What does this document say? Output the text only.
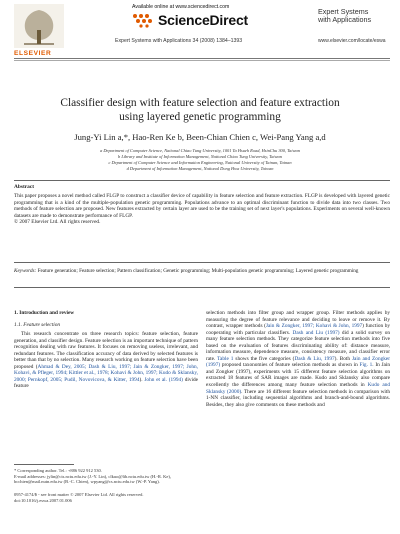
ELSEVIER
Available online at www.sciencedirect.com
ScienceDirect
Expert Systems with Applications 34 (2008) 1384–1393
Expert Systems
with Applications
www.elsevier.com/locate/eswa
Classifier design with feature selection and feature extraction
using layered genetic programming
Jung-Yi Lin a,*, Hao-Ren Ke b, Been-Chian Chien c, Wei-Pang Yang a,d
a Department of Computer Science, National Chiao Tung University, 1001 Ta Hsueh Road, HsinChu 300, Taiwan
b Library and Institute of Information Management, National Chiao Tung University, Taiwan
c Department of Computer Science and Information Engineering, National University of Tainan, Tainan
d Department of Information Management, National Dong Hwa University, Taiwan
Abstract
This paper proposes a novel method called FLGP to construct a classifier device of capability in feature selection and feature extraction. FLGP is developed with layered genetic programming that is a kind of the multiple-population genetic programming. Populations advance to an optimal discriminant function to divide data into two classes. Two methods of feature selection are proposed. New features extracted by certain layer are used to be the training set of next layer's populations. Experiments on several well-known datasets are made to demonstrate performance of FLGP.
© 2007 Elsevier Ltd. All rights reserved.
Keywords: Feature generation; Feature selection; Pattern classification; Genetic programming; Multi-population genetic programming; Layered genetic programming
1. Introduction and review
1.1. Feature selection
This research concentrate on three research topics: feature selection, feature generation, and classifier design. Feature selection is an important technique of pattern recognition dealing with raw features. It focuses on removing useless, irrelevant, and redundant features. The classification accuracy of data derived by selected features is better than that by no selection. Many research working on feature selection have been proposed (Ahmad & Dey, 2005; Dash & Liu, 1997; Jain & Zongker, 1997; John, Kohavi, & Pfleger, 1994; Kittler et al., 1978; Kohavi & John, 1997; Kudo & Sklansky, 2000; Pernkopf, 2005; Pudil, Novovicova, & Kitter, 1994). John et al. (1994) divide feature
selection methods into filter group and wrapper group. Filter methods applies by measuring the degree of feature relevance and deciding to leave or remove it. By contrast, wrapper methods (Jain & Zongker, 1997; Kohavi & John, 1997) function by cooperating with particular classifiers. Dash and Liu (1997) did a solid survey on many feature selection methods. They categorize feature selection methods into five based on the evaluation of features discriminating ability of: distance measure, information measure, dependence measure, consistency measure, and classifier error rate. Table 1 shows the five categories (Dash & Liu, 1997). Both Jain and Zongker (1997) proposed taxonomies of feature selection methods as shown in Fig. 1. In Jain and Zongker (1997), experiments with 15 different feature selection algorithms on extracted 18 features of SAR images are made. Kudo and Sklansky also compare excellently the differences among many feature selection methods in Kudo and Sklansky (2000). There are 16 different feature selection methods in comparison with 1-NN classifier, including sequential algorithms and branch-and-bound algorithms. Besides, they also give comments on these methods and
* Corresponding author. Tel.: +886 922 912 530.
E-mail addresses: jylin@cis.nctu.edu.tw (J.-Y. Lin), clkuo@lib.nctu.edu.tw (H.-R. Ke), bcchien@mail.nutn.edu.tw (B.-C. Chien), wpyang@cs.nctu.edu.tw (W.-P. Yang).
0957-4174/$ - see front matter © 2007 Elsevier Ltd. All rights reserved.
doi:10.1016/j.eswa.2007.01.006
